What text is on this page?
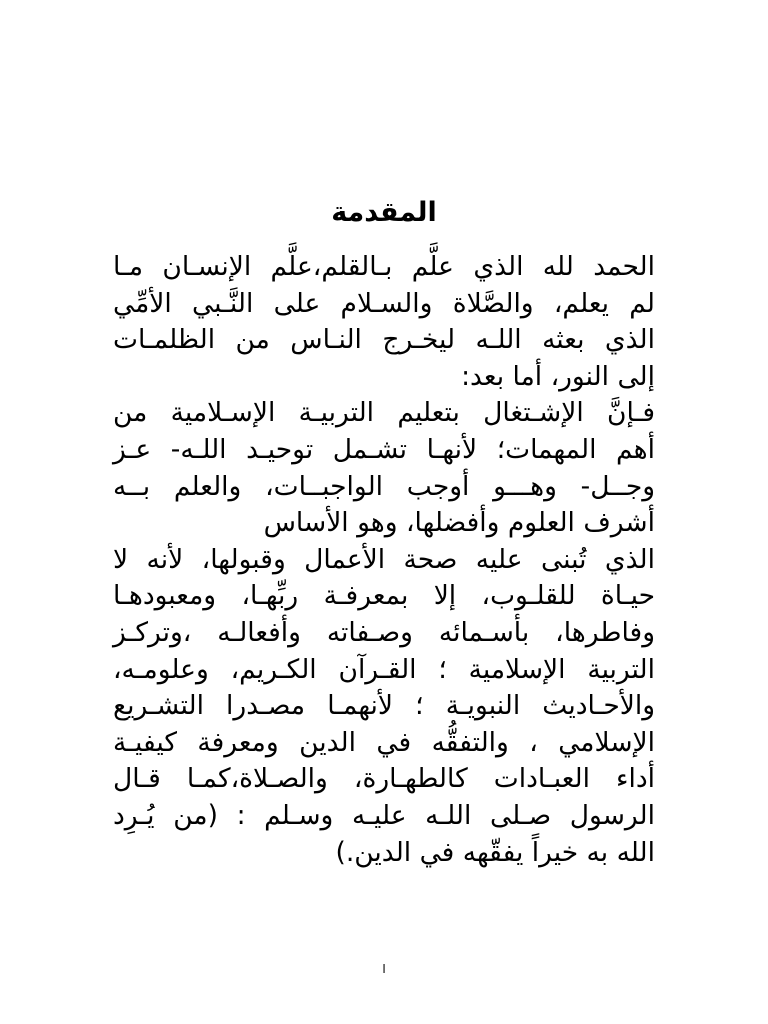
المقدمة
الحمد لله الذي علَّم بـالقلم،علَّم الإنسـان مـا
لم يعلم، والصَّلاة والسـلام على النَّـبي الأمِّي
الذي بعثه اللـه ليخـرج النـاس من الظلمـات
إلى النور، أما بعد:
فـإنَّ الإشـتغال بتعليم التربيـة الإسـلامية من
أهم المهمات؛ لأنهـا تشـمل توحيـد اللـه- عـز
وجــل- وهـــو أوجب الواجبــات، والعلم بــه
أشرف العلوم وأفضلها، وهو الأساس
الذي تُبنى عليه صحة الأعمال وقبولها، لأنه لا
حيـاة للقلـوب، إلا بمعرفـة ربِّهـا، ومعبودهـا
وفاطرها، بأسـمائه وصـفاته وأفعالـه ،وتركـز
التربية الإسلامية ؛ القـرآن الكـريم، وعلومـه،
والأحـاديث النبويـة ؛ لأنهمـا مصـدرا التشـريع
الإسلامي ، والتفقُّه في الدين ومعرفة كيفيـة
أداء العبـادات كالطهـارة، والصـلاة،كمـا قـال
الرسول صـلى اللـه عليـه وسـلم : (من يُـرِد
الله به خيراً يفقّهه في الدين.)
ا
